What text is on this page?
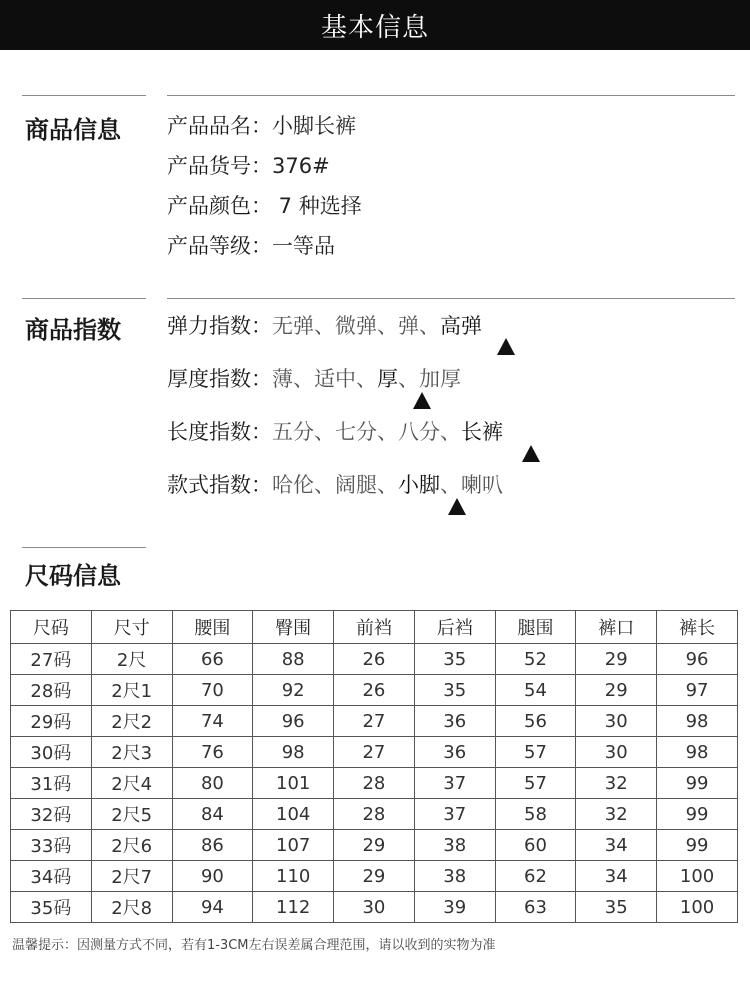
基本信息
商品信息 产品品名：小脚长裤
产品货号：376#
产品颜色： 7 种选择
产品等级：一等品
商品指数 弹力指数：无弹、微弹、弹、高弹
厚度指数：薄、适中、厚、加厚
长度指数：五分、七分、八分、长裤
款式指数：哈伦、阔腿、小脚、喇叭
尺码信息
尺码	尺寸	腰围	臀围	前裆	后裆	腿围	裤口	裤长
27码	2尺	66	88	26	35	52	29	96
28码	2尺1	70	92	26	35	54	29	97
29码	2尺2	74	96	27	36	56	30	98
30码	2尺3	76	98	27	36	57	30	98
31码	2尺4	80	101	28	37	57	32	99
32码	2尺5	84	104	28	37	58	32	99
33码	2尺6	86	107	29	38	60	34	99
34码	2尺7	90	110	29	38	62	34	100
35码	2尺8	94	112	30	39	63	35	100
温馨提示：因测量方式不同，若有1-3CM左右误差属合理范围，请以收到的实物为准
